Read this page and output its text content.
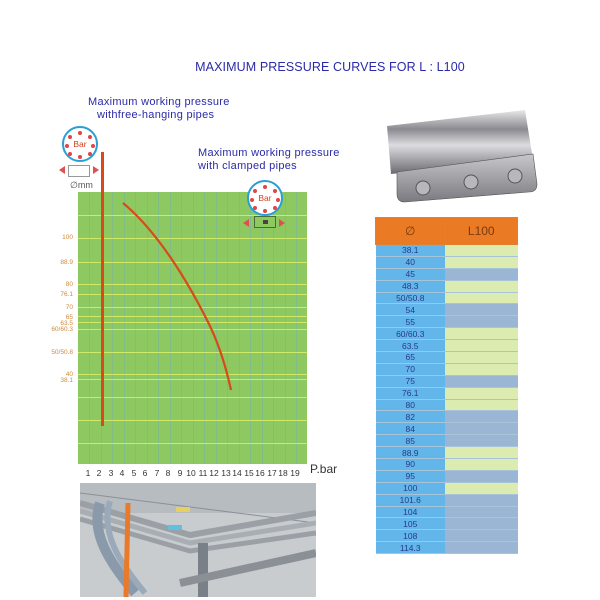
MAXIMUM PRESSURE CURVES FOR L : L100
Maximum working pressure
withfree-hanging pipes
Maximum working pressure
with clamped pipes
Bar
∅mm
Bar
100
88.9
80
76.1
70
65
63.5
60/60.3
50/50.8
40
38.1
1 2 3 4 5 6 7 8 9 10 11 12 13 14 15 16 17 18 19 P.bar
∅	L100
38.1	
40	
45	
48.3	
50/50.8	
54	
55	
60/60.3	
63.5	
65	
70	
75	
76.1	
80	
82	
84	
85	
88.9	
90	
95	
100	
101.6	
104	
105	
108	
114.3	
